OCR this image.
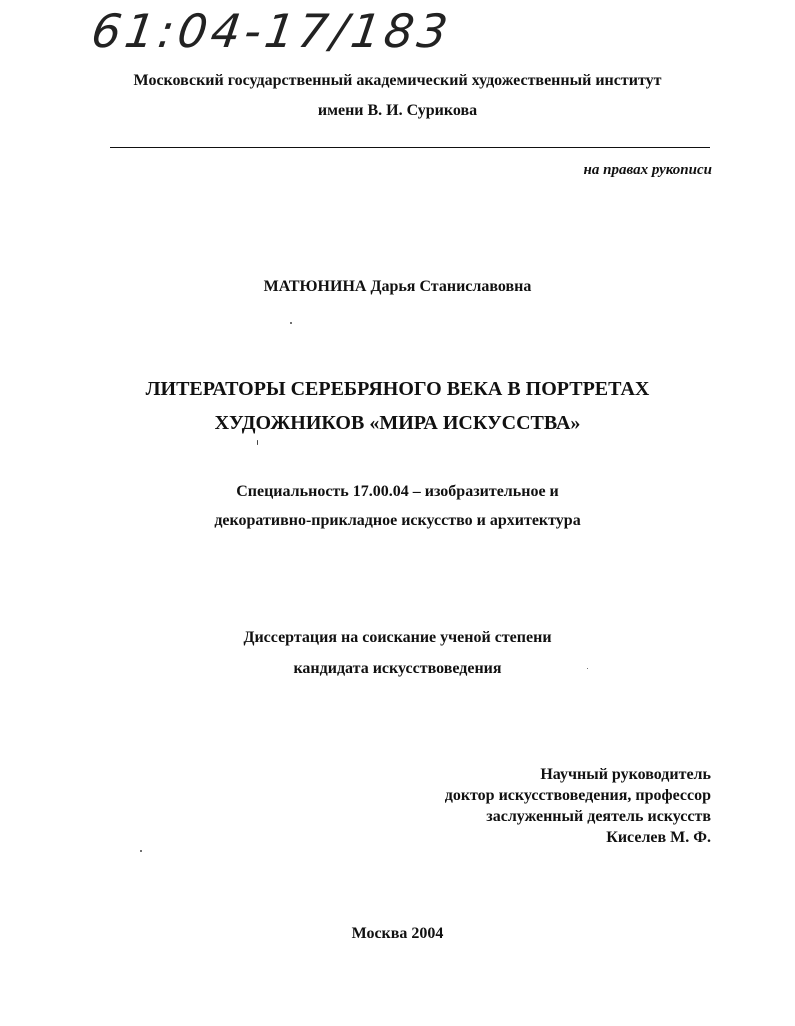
61:04-17/183
Московский государственный академический художественный институт
имени В. И. Сурикова
на правах рукописи
МАТЮНИНА Дарья Станиславовна
ЛИТЕРАТОРЫ СЕРЕБРЯНОГО ВЕКА В ПОРТРЕТАХ
ХУДОЖНИКОВ «МИРА ИСКУССТВА»
Специальность 17.00.04 – изобразительное и
декоративно-прикладное искусство и архитектура
Диссертация на соискание ученой степени
кандидата искусствоведения
Научный руководитель
доктор искусствоведения, профессор
заслуженный деятель искусств
Киселев М. Ф.
Москва 2004
